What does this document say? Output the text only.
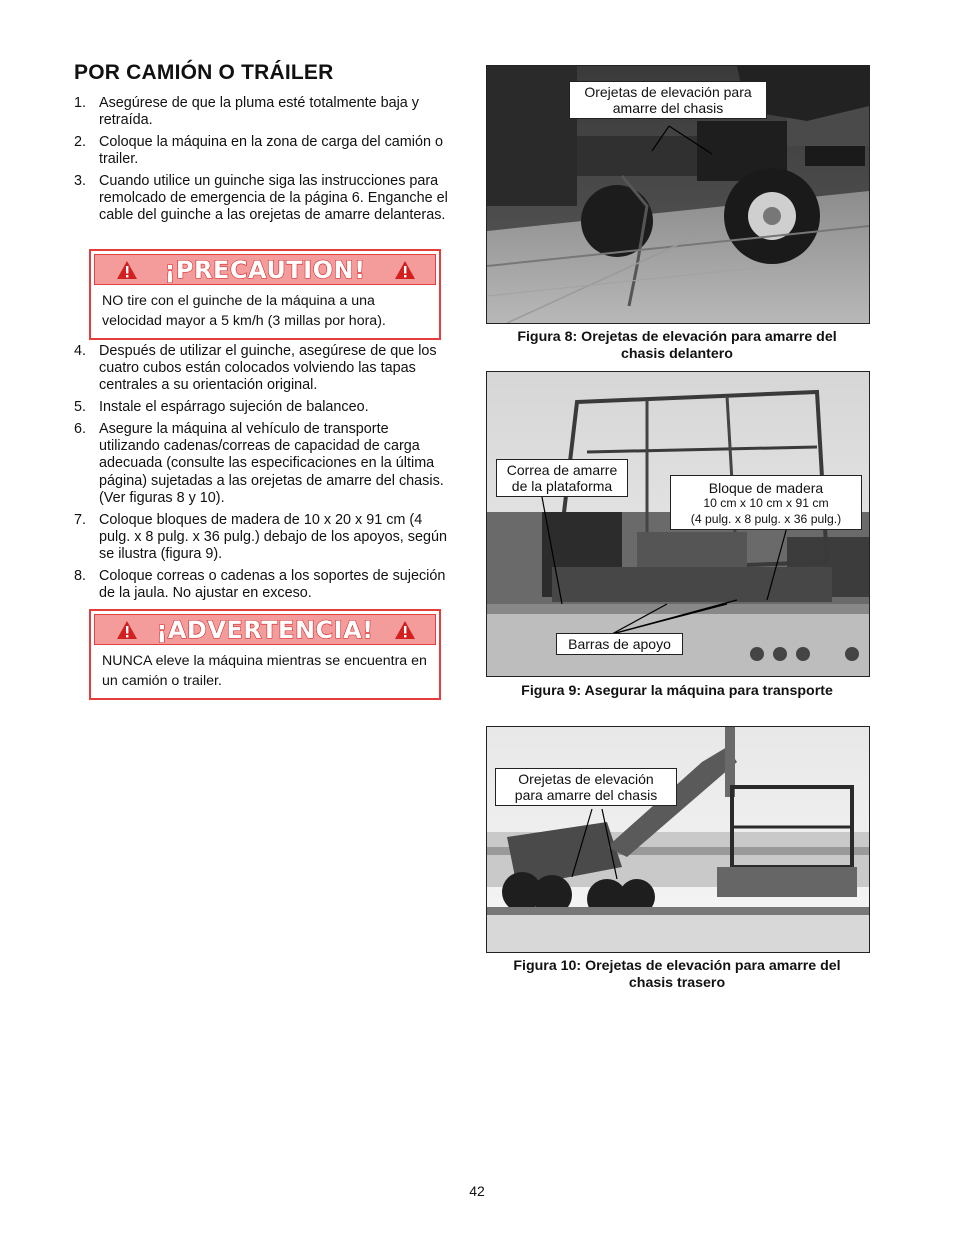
POR CAMIÓN O TRÁILER
1. Asegúrese de que la pluma esté totalmente baja y retraída.
2. Coloque la máquina en la zona de carga del camión o trailer.
3. Cuando utilice un guinche siga las instrucciones para remolcado de emergencia de la página 6. Enganche el cable del guinche a las orejetas de amarre delanteras.
¡PRECAUTION!
NO tire con el guinche de la máquina a una velocidad mayor a 5 km/h (3 millas por hora).
4. Después de utilizar el guinche, asegúrese de que los cuatro cubos están colocados volviendo las tapas centrales a su orientación original.
5. Instale el espárrago sujeción de balanceo.
6. Asegure la máquina al vehículo de transporte utilizando cadenas/correas de capacidad de carga adecuada (consulte las especificaciones en la última página) sujetadas a las orejetas de amarre del chasis. (Ver figuras 8 y 10).
7. Coloque bloques de madera de 10 x 20 x 91 cm (4 pulg. x 8 pulg. x 36 pulg.) debajo de los apoyos, según se ilustra (figura 9).
8. Coloque correas o cadenas a los soportes de sujeción de la jaula. No ajustar en exceso.
¡ADVERTENCIA!
NUNCA eleve la máquina mientras se encuentra en un camión o trailer.
Orejetas de elevación para
amarre del chasis
Figura 8: Orejetas de elevación para amarre del
chasis delantero
Correa de amarre
de la plataforma	Bloque de madera
10 cm x 10 cm x 91 cm
(4 pulg. x 8 pulg. x 36 pulg.)
Barras de apoyo
Figura 9: Asegurar la máquina para transporte
Orejetas de elevación
para amarre del chasis
Figura 10: Orejetas de elevación para amarre del
chasis trasero
42
